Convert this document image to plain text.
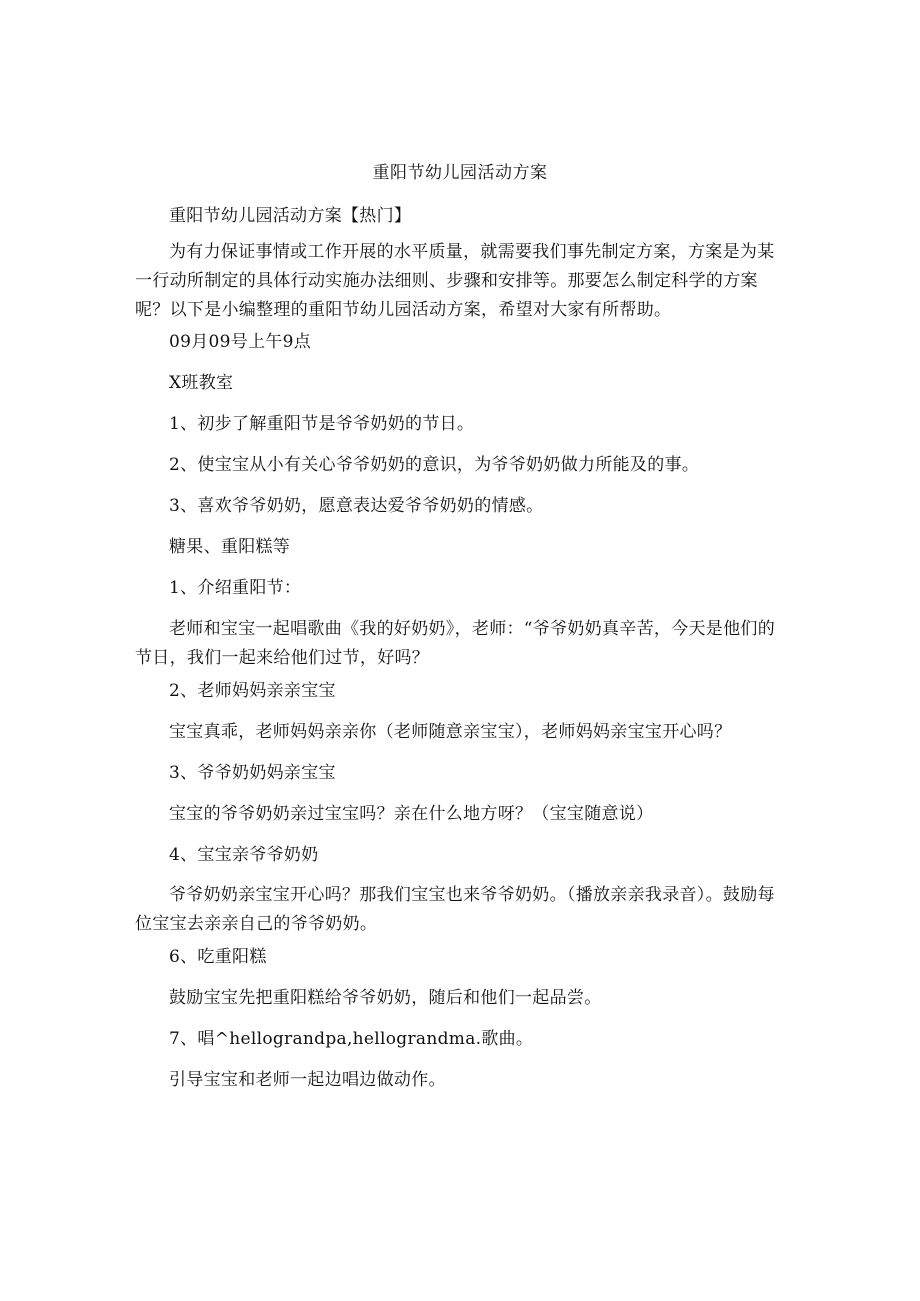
重阳节幼儿园活动方案

重阳节幼儿园活动方案【热门】

为有力保证事情或工作开展的水平质量，就需要我们事先制定方案，方案是为某一行动所制定的具体行动实施办法细则、步骤和安排等。那要怎么制定科学的方案呢？以下是小编整理的重阳节幼儿园活动方案，希望对大家有所帮助。

09月09号上午9点

X班教室

1、初步了解重阳节是爷爷奶奶的节日。

2、使宝宝从小有关心爷爷奶奶的意识，为爷爷奶奶做力所能及的事。

3、喜欢爷爷奶奶，愿意表达爱爷爷奶奶的情感。

糖果、重阳糕等

1、介绍重阳节：

老师和宝宝一起唱歌曲《我的好奶奶》，老师：“爷爷奶奶真辛苦，今天是他们的节日，我们一起来给他们过节，好吗？

2、老师妈妈亲亲宝宝

宝宝真乖，老师妈妈亲亲你（老师随意亲宝宝），老师妈妈亲宝宝开心吗？

3、爷爷奶奶妈亲宝宝

宝宝的爷爷奶奶亲过宝宝吗？亲在什么地方呀？（宝宝随意说）

4、宝宝亲爷爷奶奶

爷爷奶奶亲宝宝开心吗？那我们宝宝也来爷爷奶奶。（播放亲亲我录音）。鼓励每位宝宝去亲亲自己的爷爷奶奶。

6、吃重阳糕

鼓励宝宝先把重阳糕给爷爷奶奶，随后和他们一起品尝。

7、唱^hellograndpa,hellograndma.歌曲。

引导宝宝和老师一起边唱边做动作。
